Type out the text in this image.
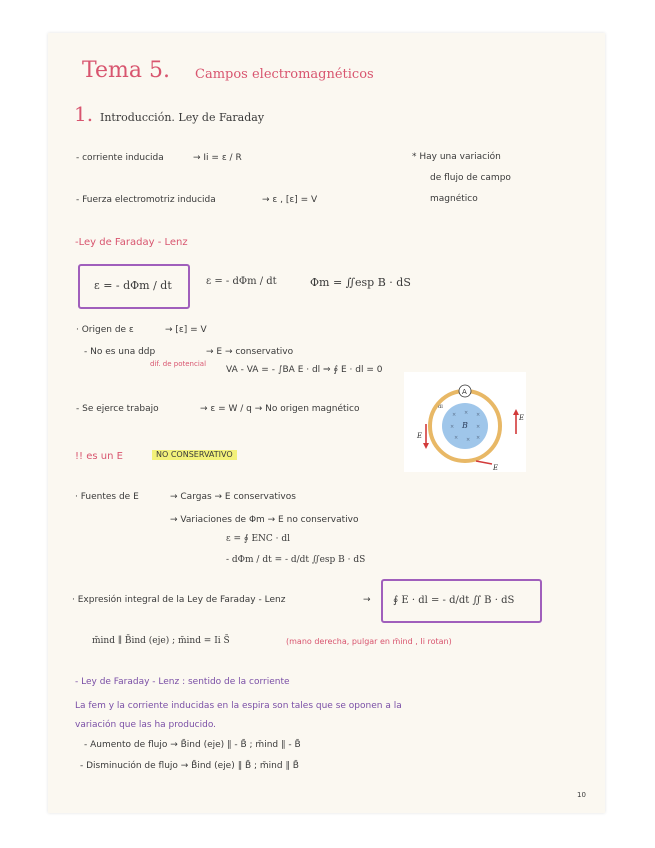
Tema 5. Campos electromagnéticos
1. Introducción. Ley de Faraday
- corriente inducida	→ Ii = ε / R	* Hay una variación
de flujo de campo
magnético
- Fuerza electromotriz inducida	→ ε , [ε] = V
-Ley de Faraday - Lenz
ε = - dΦm / dt	ε = - dΦm / dt	Φm = ∬esp B · dS
· Origen de ε	→ [ε] = V
- No es una ddp	→ E → conservativo
dif. de potencial
VA - VA = - ∫BA E · dl ⇒ ∮ E · dl = 0
- Se ejerce trabajo	→ ε = W / q → No origen magnético
× × ×
×	×
× × ×
B
A
E
E
E
dl
!! es un E	NO CONSERVATIVO
· Fuentes de E	→ Cargas → E conservativos
→ Variaciones de Φm → E no conservativo
ε = ∮ ENC · dl
- dΦm / dt = - d/dt ∬esp B · dS
· Expresión integral de la Ley de Faraday - Lenz	→ ∮ E · dl = - d/dt ∬ B · dS
m̄ind ∥ B̄ind (eje) ; m̄ind = Ii S̄	(mano derecha, pulgar en m̄ind , Ii rotan)
- Ley de Faraday - Lenz : sentido de la corriente
La fem y la corriente inducidas en la espira son tales que se oponen a la
variación que las ha producido.
- Aumento de flujo → B̄ind (eje) ∥ - B̄ ; m̄ind ∥ - B̄
- Disminución de flujo → B̄ind (eje) ∥ B̄ ; m̄ind ∥ B̄
10
